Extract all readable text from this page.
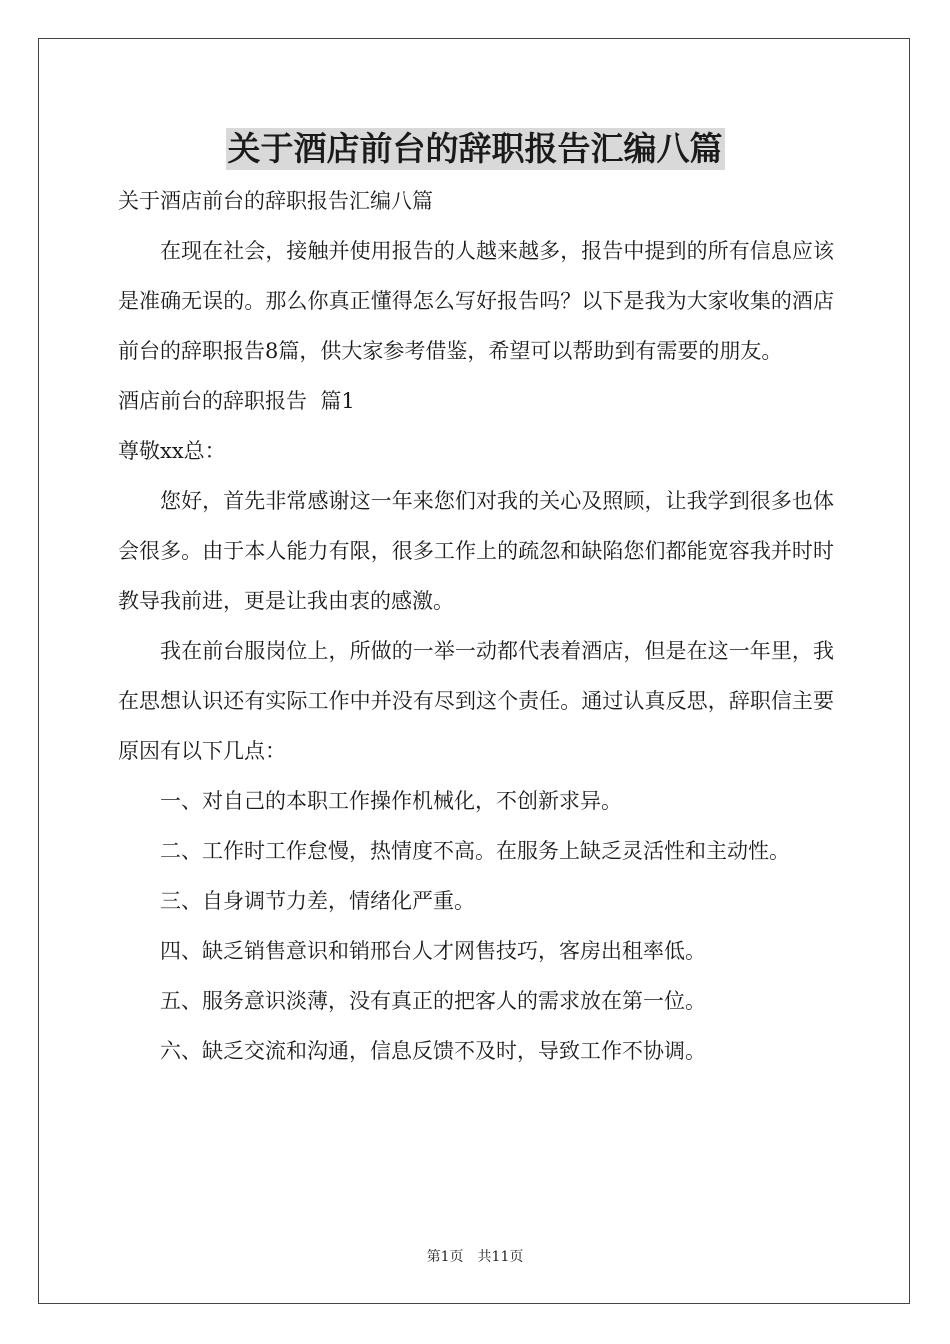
关于酒店前台的辞职报告汇编八篇

关于酒店前台的辞职报告汇编八篇

在现在社会，接触并使用报告的人越来越多，报告中提到的所有信息应该是准确无误的。那么你真正懂得怎么写好报告吗？以下是我为大家收集的酒店前台的辞职报告8篇，供大家参考借鉴，希望可以帮助到有需要的朋友。

酒店前台的辞职报告  篇1

尊敬xx总：

您好，首先非常感谢这一年来您们对我的关心及照顾，让我学到很多也体会很多。由于本人能力有限，很多工作上的疏忽和缺陷您们都能宽容我并时时教导我前进，更是让我由衷的感激。

我在前台服岗位上，所做的一举一动都代表着酒店，但是在这一年里，我在思想认识还有实际工作中并没有尽到这个责任。通过认真反思，辞职信主要原因有以下几点：

一、对自己的本职工作操作机械化，不创新求异。

二、工作时工作怠慢，热情度不高。在服务上缺乏灵活性和主动性。

三、自身调节力差，情绪化严重。

四、缺乏销售意识和销邢台人才网售技巧，客房出租率低。

五、服务意识淡薄，没有真正的把客人的需求放在第一位。

六、缺乏交流和沟通，信息反馈不及时，导致工作不协调。

第1页 共11页
